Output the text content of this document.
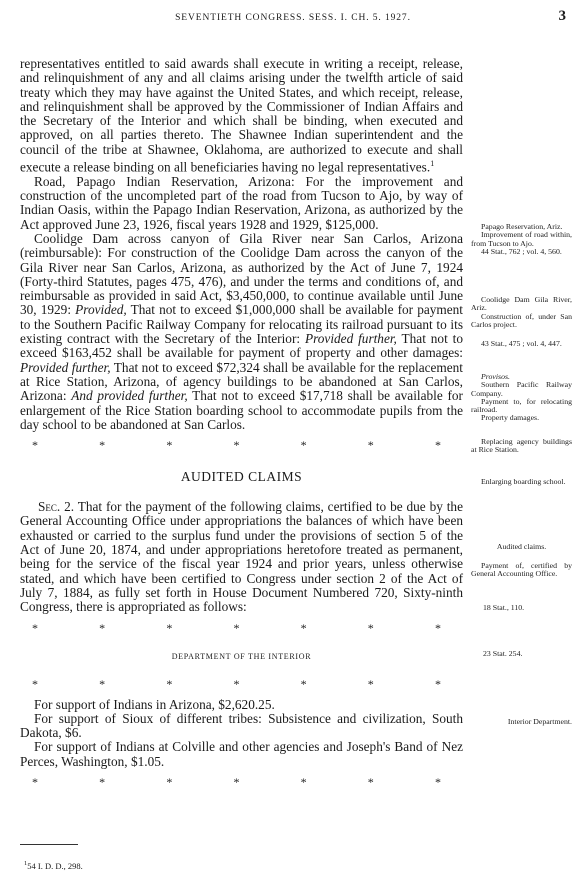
SEVENTIETH CONGRESS. SESS. I. CH. 5. 1927.	3

representatives entitled to said awards shall execute in writing a receipt, release, and relinquishment of any and all claims arising under the twelfth article of said treaty which they may have against the United States, and which receipt, release, and relinquishment shall be approved by the Commissioner of Indian Affairs and the Secretary of the Interior and which shall be binding, when executed and approved, on all parties thereto. The Shawnee Indian superintendent and the council of the tribe at Shawnee, Oklahoma, are authorized to execute and shall execute a release binding on all beneficiaries having no legal representatives.$^1$

Road, Papago Indian Reservation, Arizona: For the improvement and construction of the uncompleted part of the road from Tucson to Ajo, by way of Indian Oasis, within the Papago Indian Reservation, Arizona, as authorized by the Act approved June 23, 1926, fiscal years 1928 and 1929, $125,000.

Coolidge Dam across canyon of Gila River near San Carlos, Arizona (reimbursable): For construction of the Coolidge Dam across the canyon of the Gila River near San Carlos, Arizona, as authorized by the Act of June 7, 1924 (Forty-third Statutes, pages 475, 476), and under the terms and conditions of, and reimbursable as provided in said Act, $3,450,000, to continue available until June 30, 1929: Provided, That not to exceed $1,000,000 shall be available for payment to the Southern Pacific Railway Company for relocating its railroad pursuant to its existing contract with the Secretary of the Interior: Provided further, That not to exceed $163,452 shall be available for payment of property and other damages: Provided further, That not to exceed $72,324 shall be available for the replacement at Rice Station, Arizona, of agency buildings to be abandoned at San Carlos, Arizona: And provided further, That not to exceed $17,718 shall be available for enlargement of the Rice Station boarding school to accommodate pupils from the day school to be abandoned at San Carlos.

*	*	*	*	*	*	*
AUDITED CLAIMS

Sec. 2. That for the payment of the following claims, certified to be due by the General Accounting Office under appropriations the balances of which have been exhausted or carried to the surplus fund under the provisions of section 5 of the Act of June 20, 1874, and under appropriations heretofore treated as permanent, being for the service of the fiscal year 1924 and prior years, unless otherwise stated, and which have been certified to Congress under section 2 of the Act of July 7, 1884, as fully set forth in House Document Numbered 720, Sixty-ninth Congress, there is appropriated as follows:

*	*	*	*	*	*	*
DEPARTMENT OF THE INTERIOR
*	*	*	*	*	*	*

For support of Indians in Arizona, $2,620.25.

For support of Sioux of different tribes: Subsistence and civilization, South Dakota, $6.

For support of Indians at Colville and other agencies and Joseph's Band of Nez Perces, Washington, $1.05.

*	*	*	*	*	*	*
Papago Reservation, Ariz.
Improvement of road within, from Tucson to Ajo.
44 Stat., 762 ; vol. 4, 560.
Coolidge Dam Gila River, Ariz.
Construction of, under San Carlos project.
43 Stat., 475 ; vol. 4, 447.
Provisos.
Southern Pacific Railway Company.
Payment to, for relocating railroad.
Property damages.
Replacing agency buildings at Rice Station.
Enlarging boarding school.
Audited claims.
Payment of, certified by General Accounting Office.
18 Stat., 110.
23 Stat. 254.
Interior Department.
$^1$54 I. D. D., 298.
